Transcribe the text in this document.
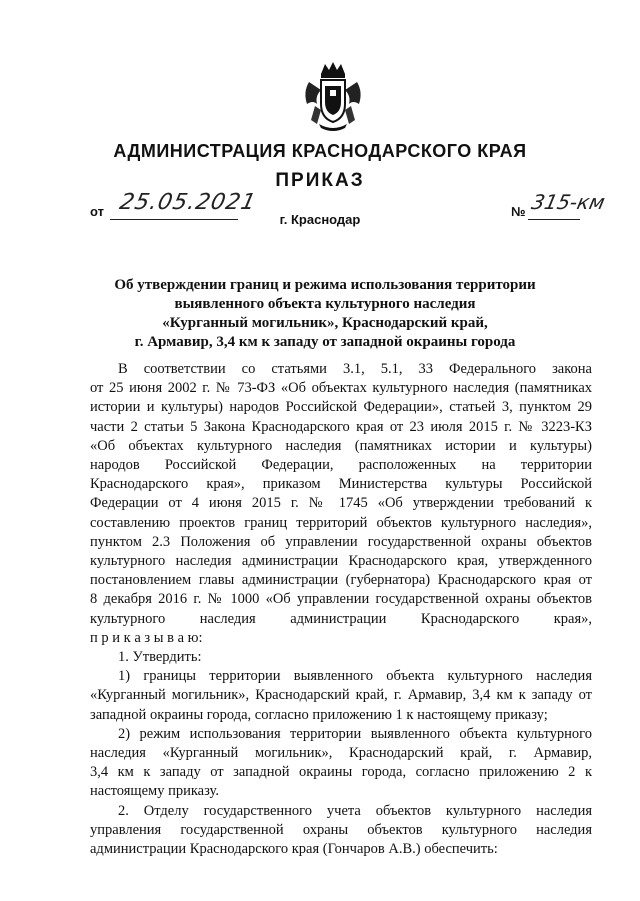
АДМИНИСТРАЦИЯ КРАСНОДАРСКОГО КРАЯ
ПРИКАЗ
от 25.05.2021	№ 315-км
г. Краснодар
Об утверждении границ и режима использования территории
выявленного объекта культурного наследия
«Курганный могильник», Краснодарский край,
г. Армавир, 3,4 км к западу от западной окраины города
В соответствии со статьями 3.1, 5.1, 33 Федерального закона
от 25 июня 2002 г. № 73-ФЗ «Об объектах культурного наследия (памятниках
истории и культуры) народов Российской Федерации», статьей 3, пунктом 29
части 2 статьи 5 Закона Краснодарского края от 23 июля 2015 г. № 3223-КЗ
«Об объектах культурного наследия (памятниках истории и культуры)
народов Российской Федерации, расположенных на территории
Краснодарского края», приказом Министерства культуры Российской
Федерации от 4 июня 2015 г. № 1745 «Об утверждении требований к
составлению проектов границ территорий объектов культурного наследия»,
пунктом 2.3 Положения об управлении государственной охраны объектов
культурного наследия администрации Краснодарского края, утвержденного
постановлением главы администрации (губернатора) Краснодарского края от
8 декабря 2016 г. № 1000 «Об управлении государственной охраны объектов
культурного наследия администрации Краснодарского края»,
п р и к а з ы в а ю:
1. Утвердить:
1) границы территории выявленного объекта культурного наследия
«Курганный могильник», Краснодарский край, г. Армавир, 3,4 км к западу от
западной окраины города, согласно приложению 1 к настоящему приказу;
2) режим использования территории выявленного объекта культурного
наследия «Курганный могильник», Краснодарский край, г. Армавир,
3,4 км к западу от западной окраины города, согласно приложению 2 к
настоящему приказу.
2. Отделу государственного учета объектов культурного наследия
управления государственной охраны объектов культурного наследия
администрации Краснодарского края (Гончаров А.В.) обеспечить:
